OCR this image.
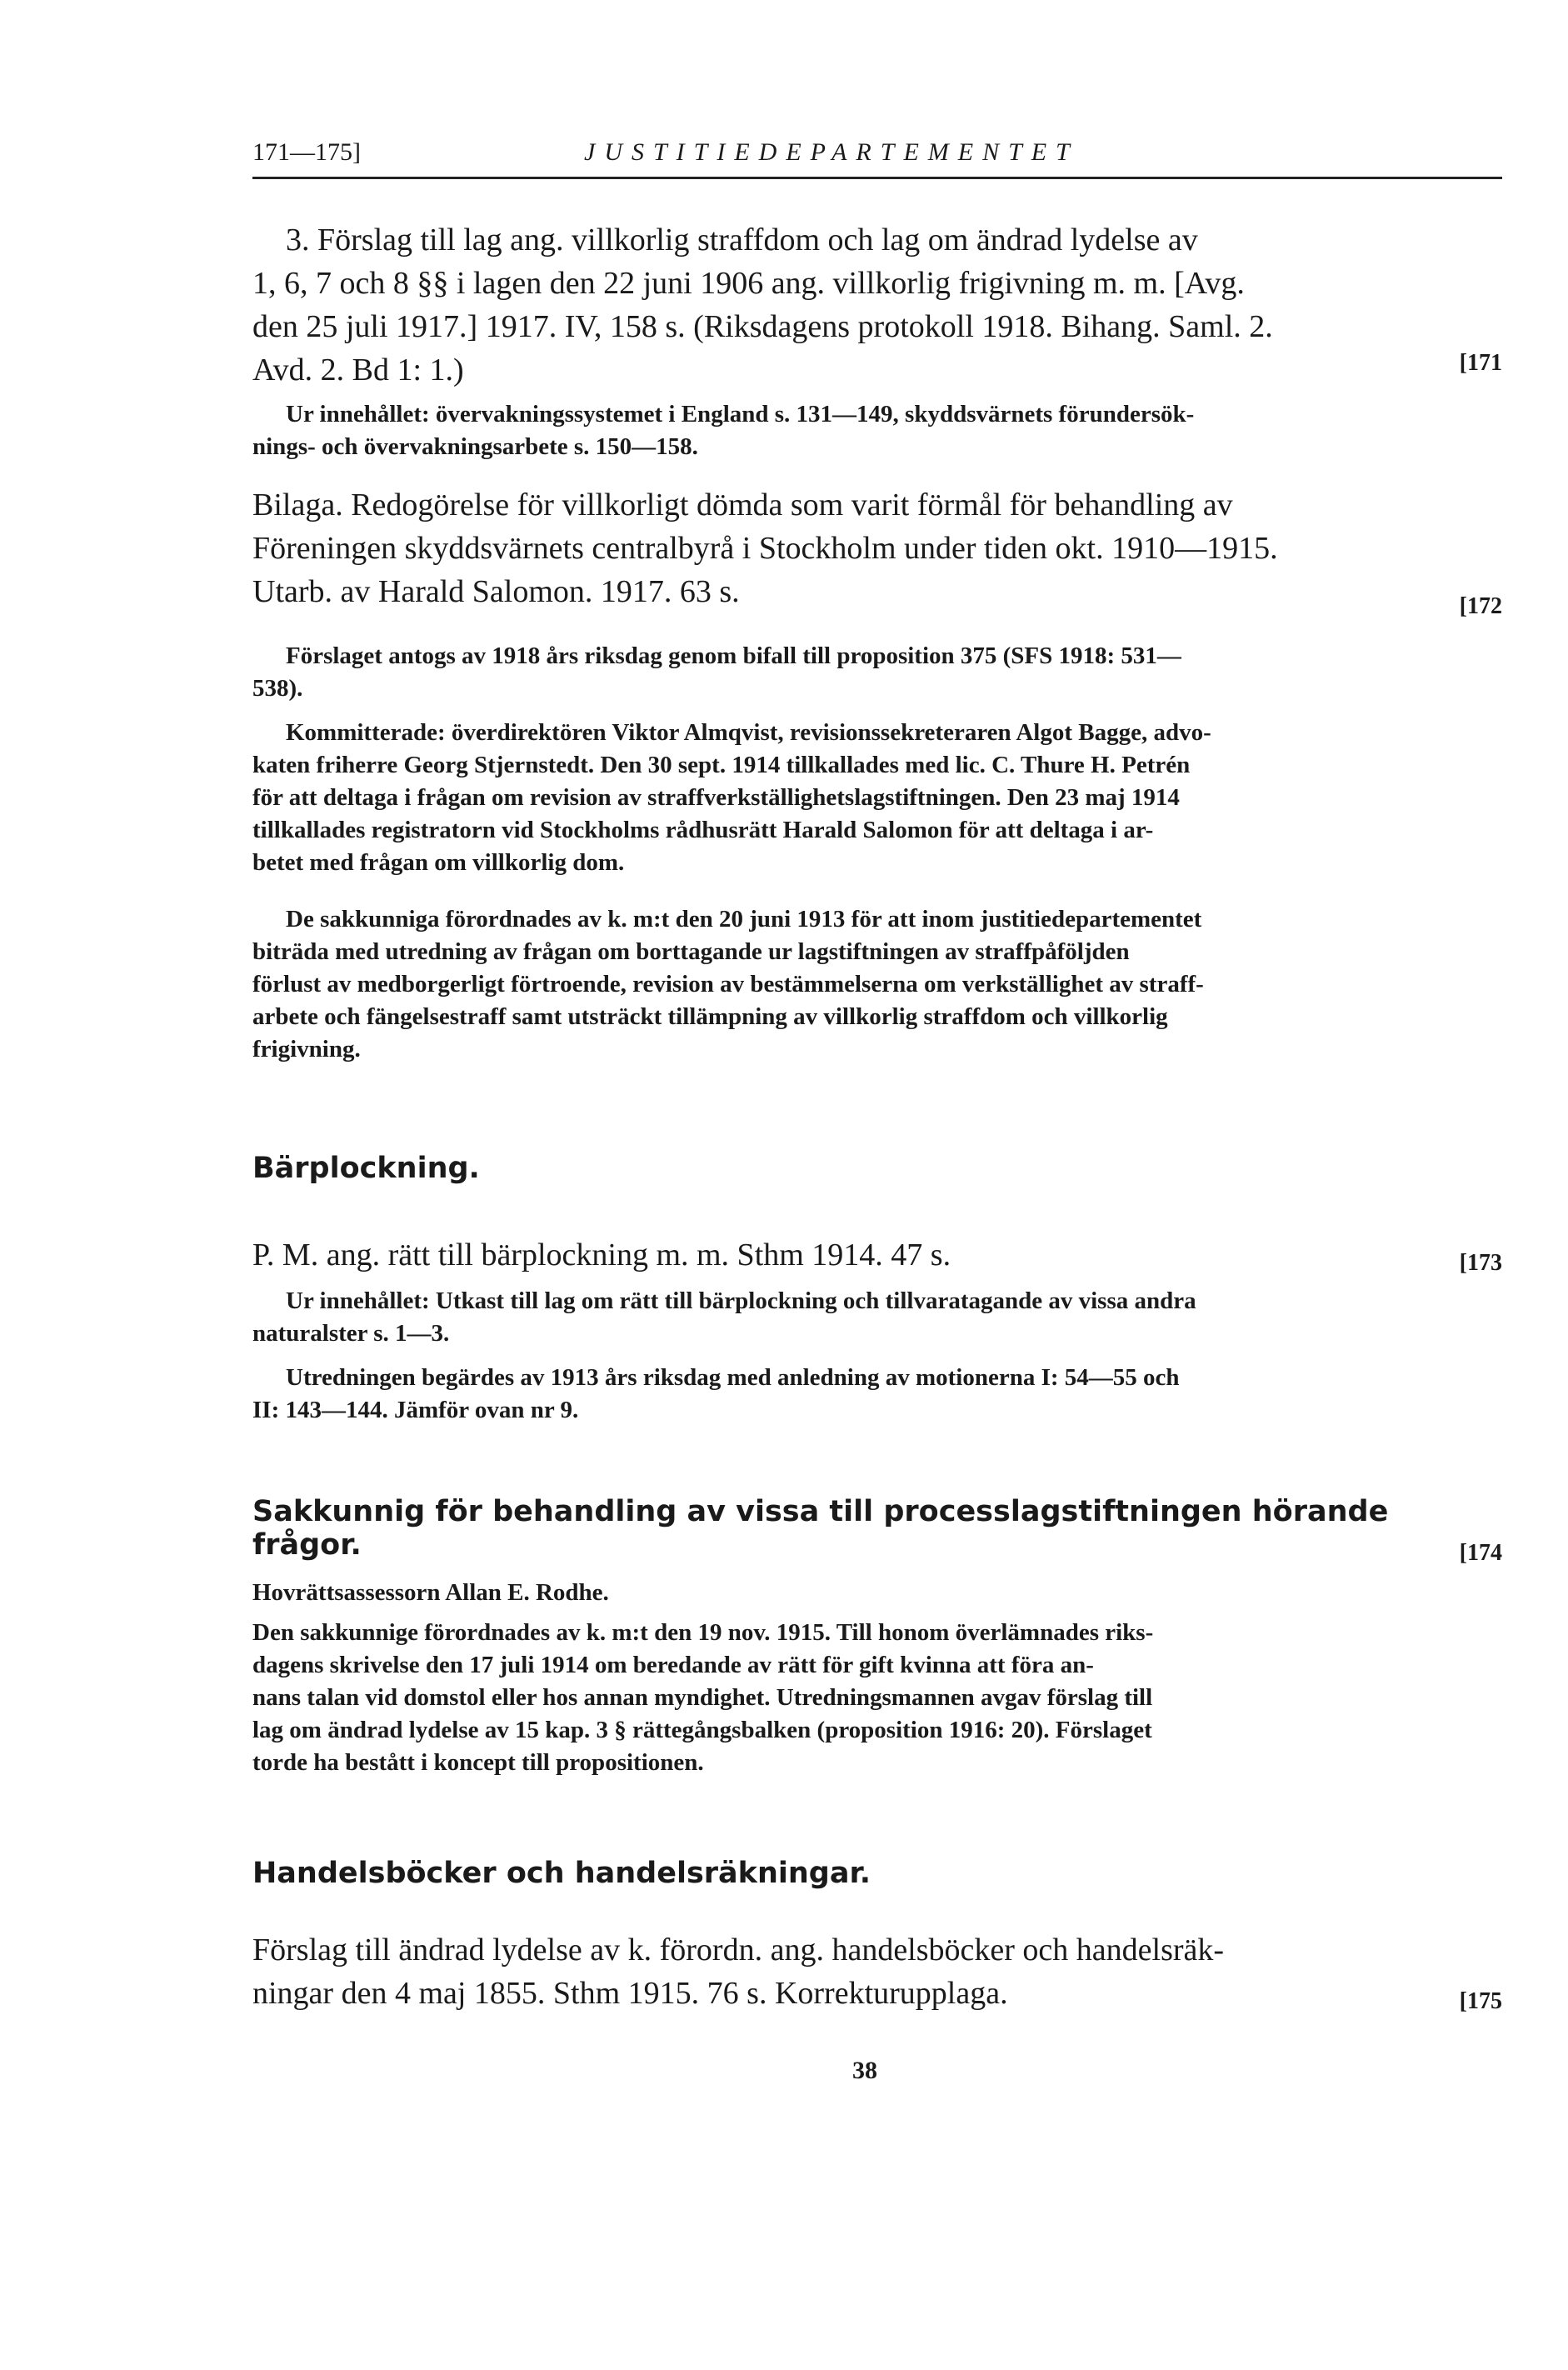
171—175]	JUSTITIEDEPARTEMENTET
3. Förslag till lag ang. villkorlig straffdom och lag om ändrad lydelse av
1, 6, 7 och 8 §§ i lagen den 22 juni 1906 ang. villkorlig frigivning m. m. [Avg.
den 25 juli 1917.] 1917. IV, 158 s. (Riksdagens protokoll 1918. Bihang. Saml. 2.
Avd. 2. Bd 1: 1.)	[171
Ur innehållet: övervakningssystemet i England s. 131—149, skyddsvärnets förundersök-
nings- och övervakningsarbete s. 150—158.
Bilaga. Redogörelse för villkorligt dömda som varit förmål för behandling av
Föreningen skyddsvärnets centralbyrå i Stockholm under tiden okt. 1910—1915.
Utarb. av Harald Salomon. 1917. 63 s.	[172
Förslaget antogs av 1918 års riksdag genom bifall till proposition 375 (SFS 1918: 531—
538).
Kommitterade: överdirektören Viktor Almqvist, revisionssekreteraren Algot Bagge, advo-
katen friherre Georg Stjernstedt. Den 30 sept. 1914 tillkallades med lic. C. Thure H. Petrén
för att deltaga i frågan om revision av straffverkställighetslagstiftningen. Den 23 maj 1914
tillkallades registratorn vid Stockholms rådhusrätt Harald Salomon för att deltaga i ar-
betet med frågan om villkorlig dom.
De sakkunniga förordnades av k. m:t den 20 juni 1913 för att inom justitiedepartementet
biträda med utredning av frågan om borttagande ur lagstiftningen av straffpåföljden
förlust av medborgerligt förtroende, revision av bestämmelserna om verkställighet av straff-
arbete och fängelsestraff samt utsträckt tillämpning av villkorlig straffdom och villkorlig
frigivning.
Bärplockning.
P. M. ang. rätt till bärplockning m. m. Sthm 1914. 47 s.	[173
Ur innehållet: Utkast till lag om rätt till bärplockning och tillvaratagande av vissa andra
naturalster s. 1—3.
Utredningen begärdes av 1913 års riksdag med anledning av motionerna I: 54—55 och
II: 143—144. Jämför ovan nr 9.
Sakkunnig för behandling av vissa till processlagstiftningen hörande frågor.	[174
Hovrättsassessorn Allan E. Rodhe.
Den sakkunnige förordnades av k. m:t den 19 nov. 1915. Till honom överlämnades riks-
dagens skrivelse den 17 juli 1914 om beredande av rätt för gift kvinna att föra an-
nans talan vid domstol eller hos annan myndighet. Utredningsmannen avgav förslag till
lag om ändrad lydelse av 15 kap. 3 § rättegångsbalken (proposition 1916: 20). Förslaget
torde ha bestått i koncept till propositionen.
Handelsböcker och handelsräkningar.
Förslag till ändrad lydelse av k. förordn. ang. handelsböcker och handelsräk-
ningar den 4 maj 1855. Sthm 1915. 76 s. Korrekturupplaga.	[175
38
